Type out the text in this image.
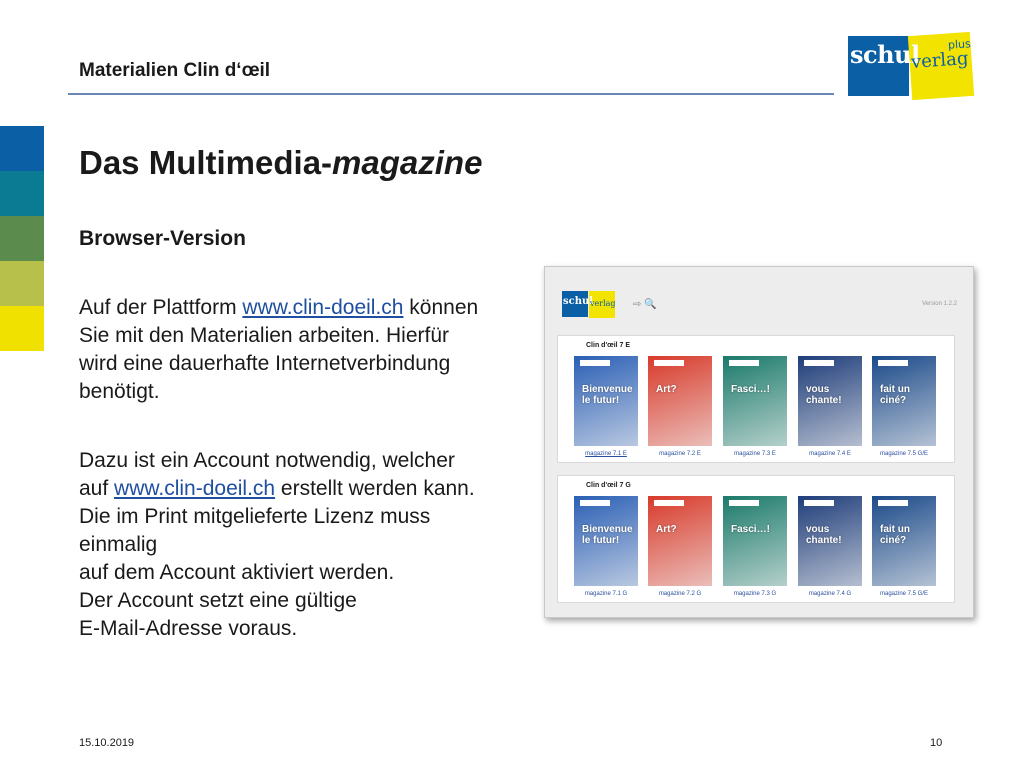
Materialien Clin d‘œil
schul
verlag
plus
Das Multimedia-magazine
Browser-Version
Auf der Plattform www.clin-doeil.ch können
Sie mit den Materialien arbeiten. Hierfür
wird eine dauerhafte Internetverbindung
benötigt.
Dazu ist ein Account notwendig, welcher
auf www.clin-doeil.ch erstellt werden kann.
Die im Print mitgelieferte Lizenz muss
einmalig
auf dem Account aktiviert werden.
Der Account setzt eine gültige
E-Mail-Adresse voraus.
schul
verlag ⇨ 🔍	Version 1.2.2
Clin d'œil 7 E
Bienvenue le futur!
magazine 7.1 E
Art?
magazine 7.2 E
Fasci…!
magazine 7.3 E
vous chante!
magazine 7.4 E
fait un ciné?
magazine 7.5 G/E
Clin d'œil 7 G
Bienvenue le futur!
magazine 7.1 G
Art?
magazine 7.2 G
Fasci…!
magazine 7.3 G
vous chante!
magazine 7.4 G
fait un ciné?
magazine 7.5 G/E
15.10.2019	10
